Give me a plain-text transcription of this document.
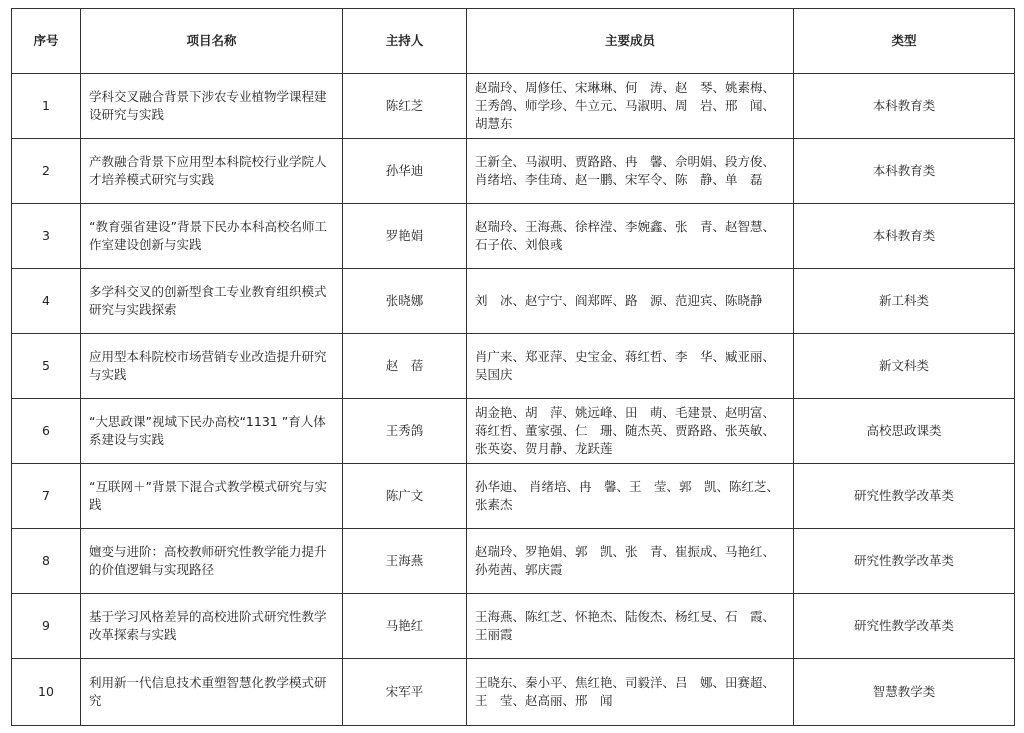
序号	项目名称	主持人	主要成员	类型
1	学科交叉融合背景下涉农专业植物学课程建设研究与实践	陈红芝	赵瑞玲、周修任、宋琳琳、何　涛、赵　琴、姚素梅、王秀鸽、师学珍、牛立元、马淑明、周　岩、邢　闻、胡慧东	本科教育类
2	产教融合背景下应用型本科院校行业学院人才培养模式研究与实践	孙华迪	王新全、马淑明、贾路路、冉　馨、佘明娟、段方俊、肖绪培、李佳琦、赵一鹏、宋军令、陈　静、单　磊	本科教育类
3	“教育强省建设”背景下民办本科高校名师工作室建设创新与实践	罗艳娟	赵瑞玲、王海燕、徐梓滢、李婉鑫、张　青、赵智慧、石子依、刘俍彧	本科教育类
4	多学科交叉的创新型食工专业教育组织模式研究与实践探索	张晓娜	刘　冰、赵宁宁、阎郑晖、路　源、范迎宾、陈晓静	新工科类
5	应用型本科院校市场营销专业改造提升研究与实践	赵　蓓	肖广来、郑亚萍、史宝金、蒋红哲、李　华、臧亚丽、吴国庆	新文科类
6	“大思政课”视域下民办高校“1131 ”育人体系建设与实践	王秀鸽	胡金艳、胡　萍、姚远峰、田　萌、毛建景、赵明富、蒋红哲、董家强、仁　珊、随杰英、贾路路、张英敏、张英姿、贺月静、龙跃莲	高校思政课类
7	“互联网＋”背景下混合式教学模式研究与实践	陈广文	孙华迪、 肖绪培、冉　馨、王　莹、郭　凯、陈红芝、张素杰	研究性教学改革类
8	嬗变与进阶：高校教师研究性教学能力提升的价值逻辑与实现路径	王海燕	赵瑞玲、罗艳娟、郭　凯、张　青、崔振成、马艳红、孙苑茜、郭庆霞	研究性教学改革类
9	基于学习风格差异的高校进阶式研究性教学改革探索与实践	马艳红	王海燕、陈红芝、怀艳杰、陆俊杰、杨红旻、石　霞、王丽霞	研究性教学改革类
10	利用新一代信息技术重塑智慧化教学模式研究	宋军平	王晓东、秦小平、焦红艳、司毅洋、吕　娜、田赛超、王　莹、赵高丽、邢　闻	智慧教学类
